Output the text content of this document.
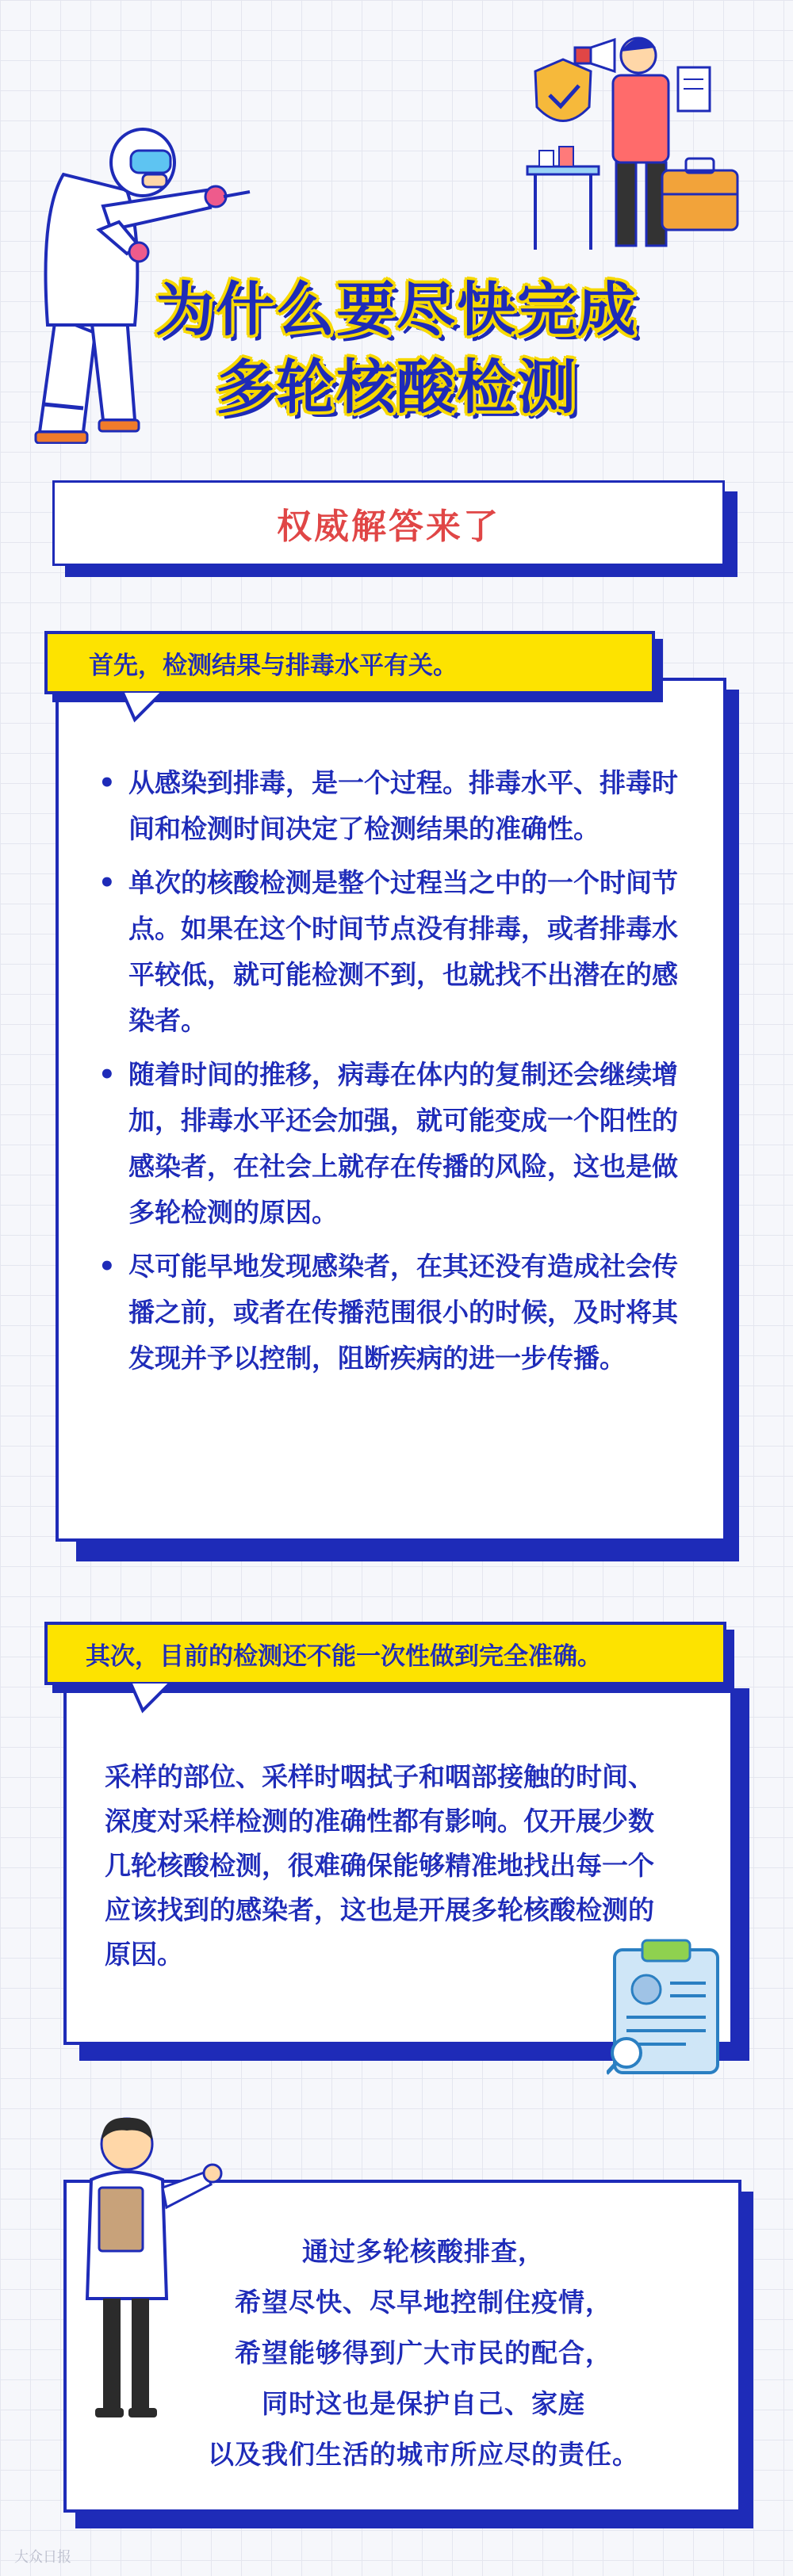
为什么要尽快完成
多轮核酸检测
权威解答来了
• 从感染到排毒，是一个过程。排毒水平、排毒时间和检测时间决定了检测结果的准确性。
• 单次的核酸检测是整个过程当之中的一个时间节点。如果在这个时间节点没有排毒，或者排毒水平较低，就可能检测不到，也就找不出潜在的感染者。
• 随着时间的推移，病毒在体内的复制还会继续增加，排毒水平还会加强，就可能变成一个阳性的感染者，在社会上就存在传播的风险，这也是做多轮检测的原因。
• 尽可能早地发现感染者，在其还没有造成社会传播之前，或者在传播范围很小的时候，及时将其发现并予以控制，阻断疾病的进一步传播。
首先，检测结果与排毒水平有关。
采样的部位、采样时咽拭子和咽部接触的时间、深度对采样检测的准确性都有影响。仅开展少数几轮核酸检测，很难确保能够精准地找出每一个应该找到的感染者，这也是开展多轮核酸检测的原因。
其次，目前的检测还不能一次性做到完全准确。
通过多轮核酸排查，
希望尽快、尽早地控制住疫情，
希望能够得到广大市民的配合，
同时这也是保护自己、家庭
以及我们生活的城市所应尽的责任。
大众日报
